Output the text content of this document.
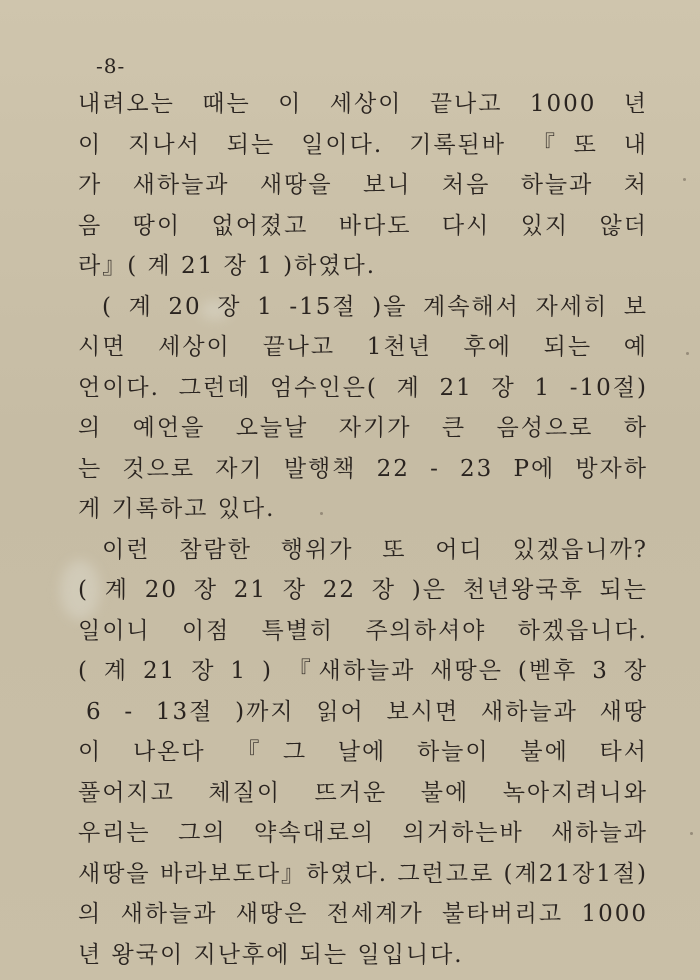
-8-
내려오는 때는 이 세상이 끝나고 1000 년
이 지나서 되는 일이다. 기록된바 『또 내
가 새하늘과 새땅을 보니 처음 하늘과 처
음 땅이 없어졌고 바다도 다시 있지 않더
라』( 계 21 장 1 )하였다.
( 계 20 장 1 -15절 )을 계속해서 자세히 보
시면 세상이 끝나고 1천년 후에 되는 예
언이다. 그런데 엄수인은( 계 21 장 1 -10절)
의 예언을 오늘날 자기가 큰 음성으로 하
는 것으로 자기 발행책 22 - 23 P에 방자하
게 기록하고 있다.
이런 참람한 행위가 또 어디 있겠읍니까?
( 계 20 장 21 장 22 장 )은 천년왕국후 되는
일이니 이점 특별히 주의하셔야 하겠읍니다.
( 계 21 장 1 ) 『새하늘과 새땅은 (벧후 3 장
6 - 13절 )까지 읽어 보시면 새하늘과 새땅
이 나온다 『그 날에 하늘이 불에 타서
풀어지고 체질이 뜨거운 불에 녹아지려니와
우리는 그의 약속대로의 의거하는바 새하늘과
새땅을 바라보도다』하였다. 그런고로 (계21장1절)
의 새하늘과 새땅은 전세계가 불타버리고 1000
년 왕국이 지난후에 되는 일입니다.
